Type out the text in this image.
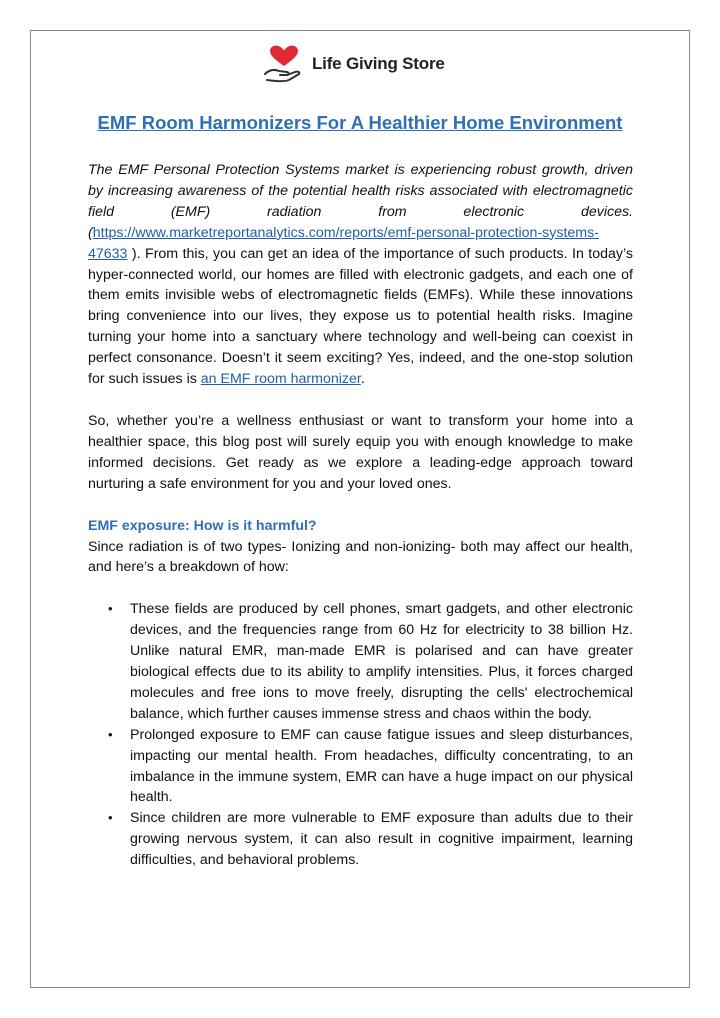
Life Giving Store
EMF Room Harmonizers For A Healthier Home Environment

The EMF Personal Protection Systems market is experiencing robust growth, driven by increasing awareness of the potential health risks associated with electromagnetic field (EMF) radiation from electronic devices. (https://www.marketreportanalytics.com/reports/emf-personal-protection-systems-47633

). From this, you can get an idea of the importance of such products. In today’s hyper-connected world, our homes are filled with electronic gadgets, and each one of them emits invisible webs of electromagnetic fields (EMFs). While these innovations bring convenience into our lives, they expose us to potential health risks. Imagine turning your home into a sanctuary where technology and well-being can coexist in perfect consonance. Doesn’t it seem exciting? Yes, indeed, and the one-stop solution for such issues is an EMF room harmonizer.

So, whether you’re a wellness enthusiast or want to transform your home into a healthier space, this blog post will surely equip you with enough knowledge to make informed decisions. Get ready as we explore a leading-edge approach toward nurturing a safe environment for you and your loved ones.

EMF exposure: How is it harmful?

Since radiation is of two types- Ionizing and non-ionizing- both may affect our health, and here’s a breakdown of how:

• These fields are produced by cell phones, smart gadgets, and other electronic devices, and the frequencies range from 60 Hz for electricity to 38 billion Hz. Unlike natural EMR, man-made EMR is polarised and can have greater biological effects due to its ability to amplify intensities. Plus, it forces charged molecules and free ions to move freely, disrupting the cells' electrochemical balance, which further causes immense stress and chaos within the body.
• Prolonged exposure to EMF can cause fatigue issues and sleep disturbances, impacting our mental health. From headaches, difficulty concentrating, to an imbalance in the immune system, EMR can have a huge impact on our physical health.
• Since children are more vulnerable to EMF exposure than adults due to their growing nervous system, it can also result in cognitive impairment, learning difficulties, and behavioral problems.
